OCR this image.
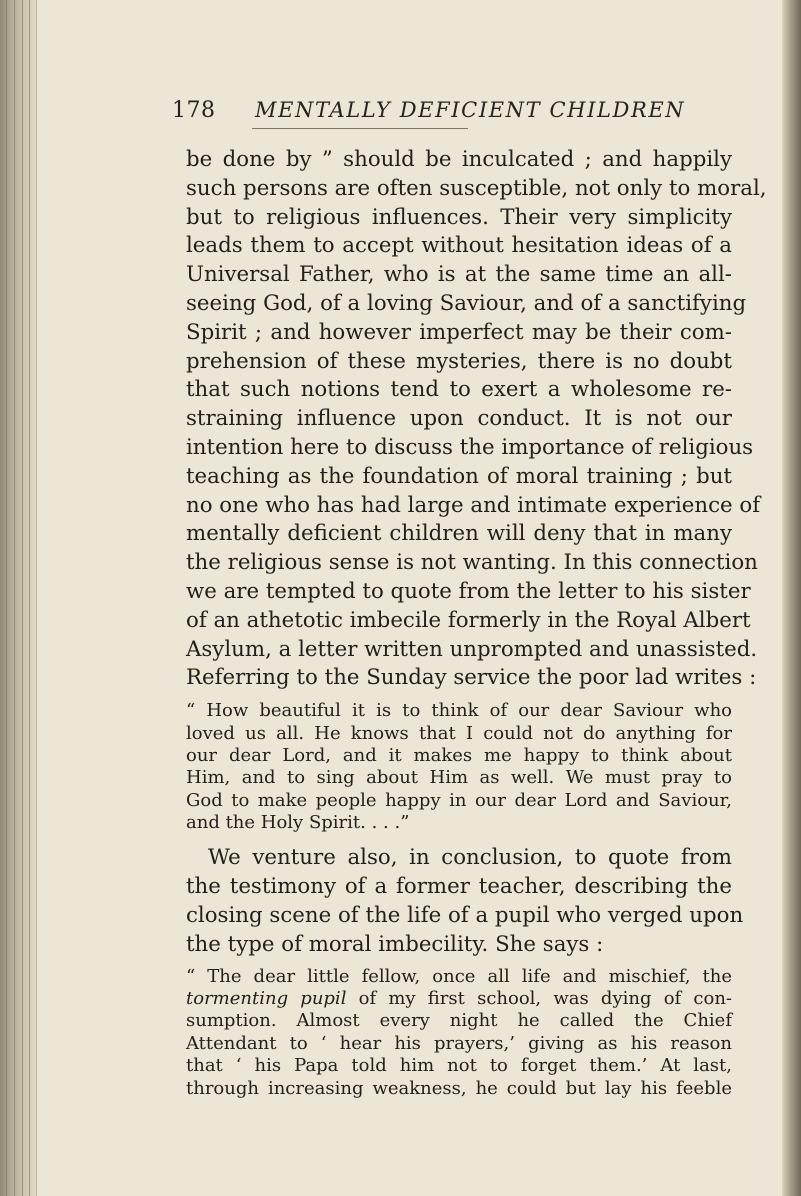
178 MENTALLY DEFICIENT CHILDREN
be done by ” should be inculcated ; and happily
such persons are often susceptible, not only to moral,
but to religious influences. Their very simplicity
leads them to accept without hesitation ideas of a
Universal Father, who is at the same time an all-
seeing God, of a loving Saviour, and of a sanctifying
Spirit ; and however imperfect may be their com-
prehension of these mysteries, there is no doubt
that such notions tend to exert a wholesome re-
straining influence upon conduct. It is not our
intention here to discuss the importance of religious
teaching as the foundation of moral training ; but
no one who has had large and intimate experience of
mentally deficient children will deny that in many
the religious sense is not wanting. In this connection
we are tempted to quote from the letter to his sister
of an athetotic imbecile formerly in the Royal Albert
Asylum, a letter written unprompted and unassisted.
Referring to the Sunday service the poor lad writes :
“ How beautiful it is to think of our dear Saviour who
loved us all. He knows that I could not do anything for
our dear Lord, and it makes me happy to think about
Him, and to sing about Him as well. We must pray to
God to make people happy in our dear Lord and Saviour,
and the Holy Spirit. . . .”
We venture also, in conclusion, to quote from
the testimony of a former teacher, describing the
closing scene of the life of a pupil who verged upon
the type of moral imbecility. She says :
“ The dear little fellow, once all life and mischief, the
tormenting pupil of my first school, was dying of con-
sumption. Almost every night he called the Chief
Attendant to ‘ hear his prayers,’ giving as his reason
that ‘ his Papa told him not to forget them.’ At last,
through increasing weakness, he could but lay his feeble
